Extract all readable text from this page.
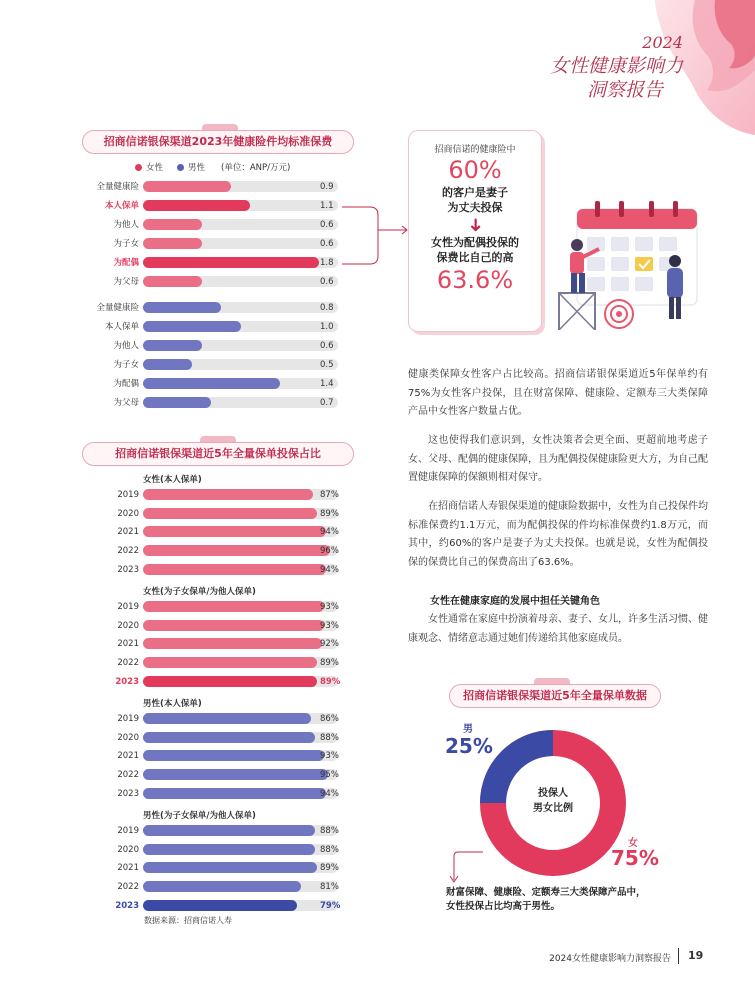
2024
女性健康影响力
洞察报告
招商信诺银保渠道2023年健康险件均标准保费
女性	男性 (单位：ANP/万元)
全量健康险	0.9
本人保单	1.1
为他人	0.6
为子女	0.6
为配偶	1.8
为父母	0.6
全量健康险	0.8
本人保单	1.0
为他人	0.6
为子女	0.5
为配偶	1.4
为父母	0.7
招商信诺的健康险中
60%
的客户是妻子
为丈夫投保
➜
女性为配偶投保的
保费比自己的高
63.6%
健康类保障女性客户占比较高。招商信诺银保渠道近5年保单约有75%为女性客户投保，且在财富保障、健康险、定额寿三大类保障产品中女性客户数量占优。
这也使得我们意识到，女性决策者会更全面、更超前地考虑子女、父母、配偶的健康保障，且为配偶投保健康险更大方，为自己配置健康保障的保额则相对保守。
在招商信诺人寿银保渠道的健康险数据中，女性为自己投保件均标准保费约1.1万元，而为配偶投保的件均标准保费约1.8万元，而其中，约60%的客户是妻子为丈夫投保。也就是说，女性为配偶投保的保费比自己的保费高出了63.6%。
女性在健康家庭的发展中担任关键角色
女性通常在家庭中扮演着母亲、妻子、女儿，许多生活习惯、健康观念、情绪意志通过她们传递给其他家庭成员。
招商信诺银保渠道近5年全量保单投保占比
女性(本人保单)
2019	87%
2020	89%
2021	94%
2022	96%
2023	94%
女性(为子女保单/为他人保单)
2019	93%
2020	93%
2021	92%
2022	89%
2023	89%
男性(本人保单)
2019	86%
2020	88%
2021	93%
2022	95%
2023	94%
男性(为子女保单/为他人保单)
2019	88%
2020	88%
2021	89%
2022	81%
2023	79%
数据来源：招商信诺人寿
招商信诺银保渠道近5年全量保单数据
男
25%
投保人
男女比例
女
75%
财富保障、健康险、定额寿三大类保障产品中，
女性投保占比均高于男性。
2024女性健康影响力洞察报告 19
